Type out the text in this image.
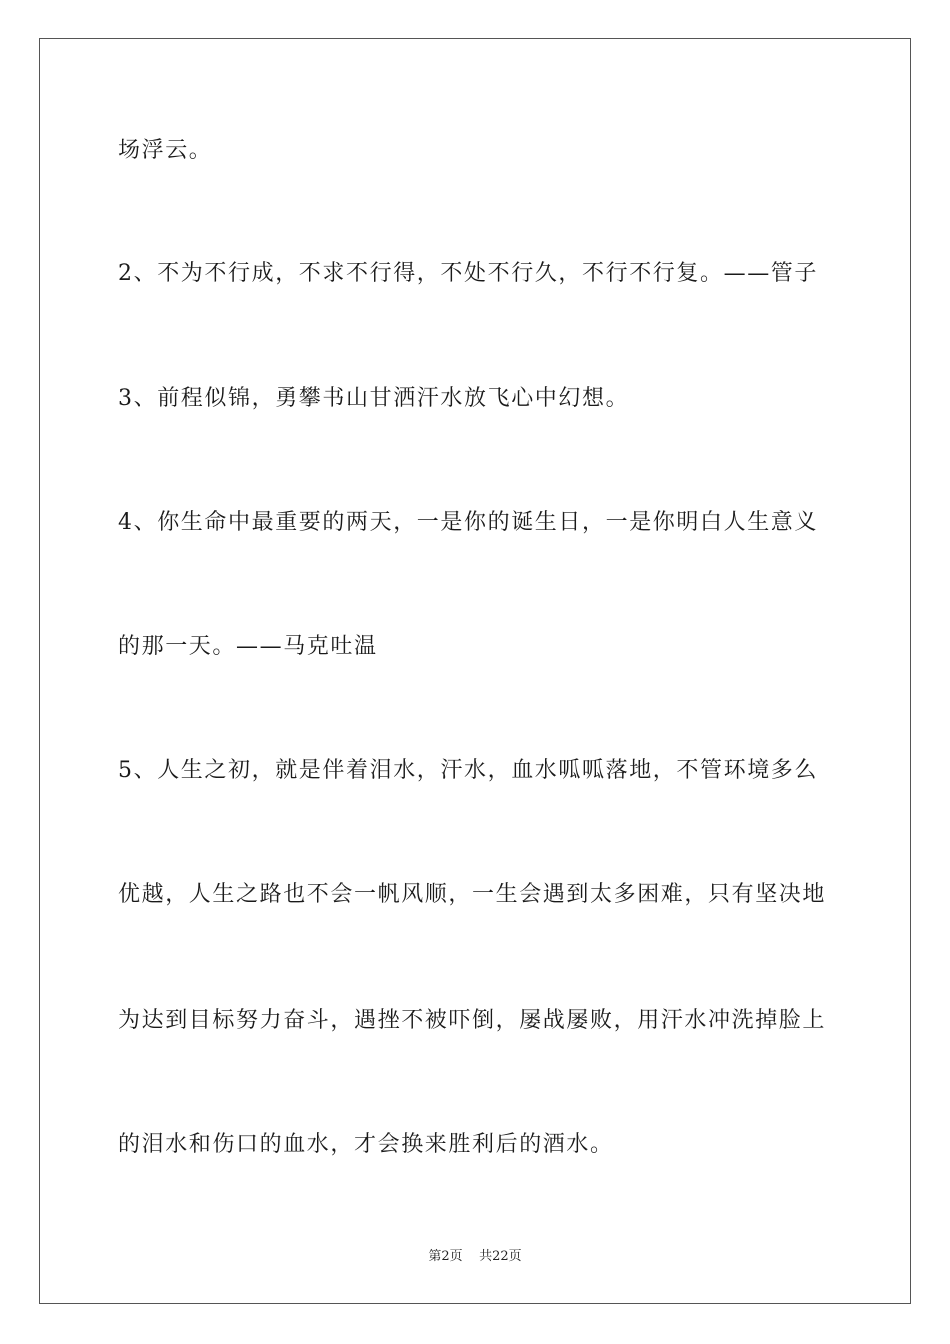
场浮云。
2、不为不行成，不求不行得，不处不行久，不行不行复。——管子
3、前程似锦，勇攀书山甘洒汗水放飞心中幻想。
4、你生命中最重要的两天，一是你的诞生日，一是你明白人生意义
的那一天。——马克吐温
5、人生之初，就是伴着泪水，汗水，血水呱呱落地，不管环境多么
优越，人生之路也不会一帆风顺，一生会遇到太多困难，只有坚决地
为达到目标努力奋斗，遇挫不被吓倒，屡战屡败，用汗水冲洗掉脸上
的泪水和伤口的血水，才会换来胜利后的酒水。
第2页 共22页
